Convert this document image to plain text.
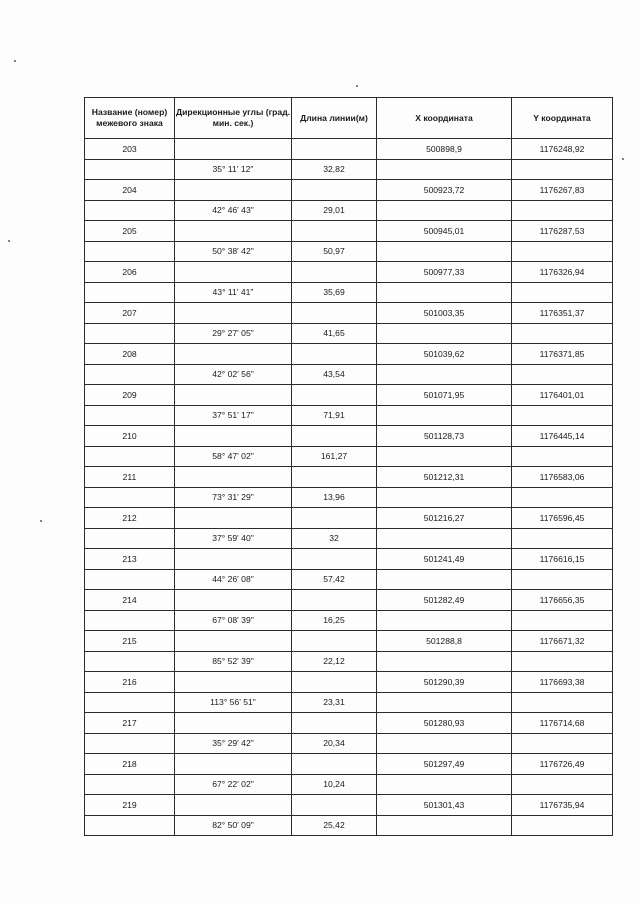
Название (номер) межевого знака	Дирекционные углы (град. мин. сек.)	Длина линии(м)	X координата	Y координата
203			500898,9	1176248,92
	35° 11' 12"	32,82		
204			500923,72	1176267,83
	42° 46' 43"	29,01		
205			500945,01	1176287,53
	50° 38' 42"	50,97		
206			500977,33	1176326,94
	43° 11' 41"	35,69		
207			501003,35	1176351,37
	29° 27' 05"	41,65		
208			501039,62	1176371,85
	42° 02' 56"	43,54		
209			501071,95	1176401,01
	37° 51' 17"	71,91		
210			501128,73	1176445,14
	58° 47' 02"	161,27		
211			501212,31	1176583,06
	73° 31' 29"	13,96		
212			501216,27	1176596,45
	37° 59' 40"	32		
213			501241,49	1176616,15
	44° 26' 08"	57,42		
214			501282,49	1176656,35
	67° 08' 39"	16,25		
215			501288,8	1176671,32
	85° 52' 39"	22,12		
216			501290,39	1176693,38
	113° 56' 51"	23,31		
217			501280,93	1176714,68
	35° 29' 42"	20,34		
218			501297,49	1176726,49
	67° 22' 02"	10,24		
219			501301,43	1176735,94
	82° 50' 09"	25,42		
